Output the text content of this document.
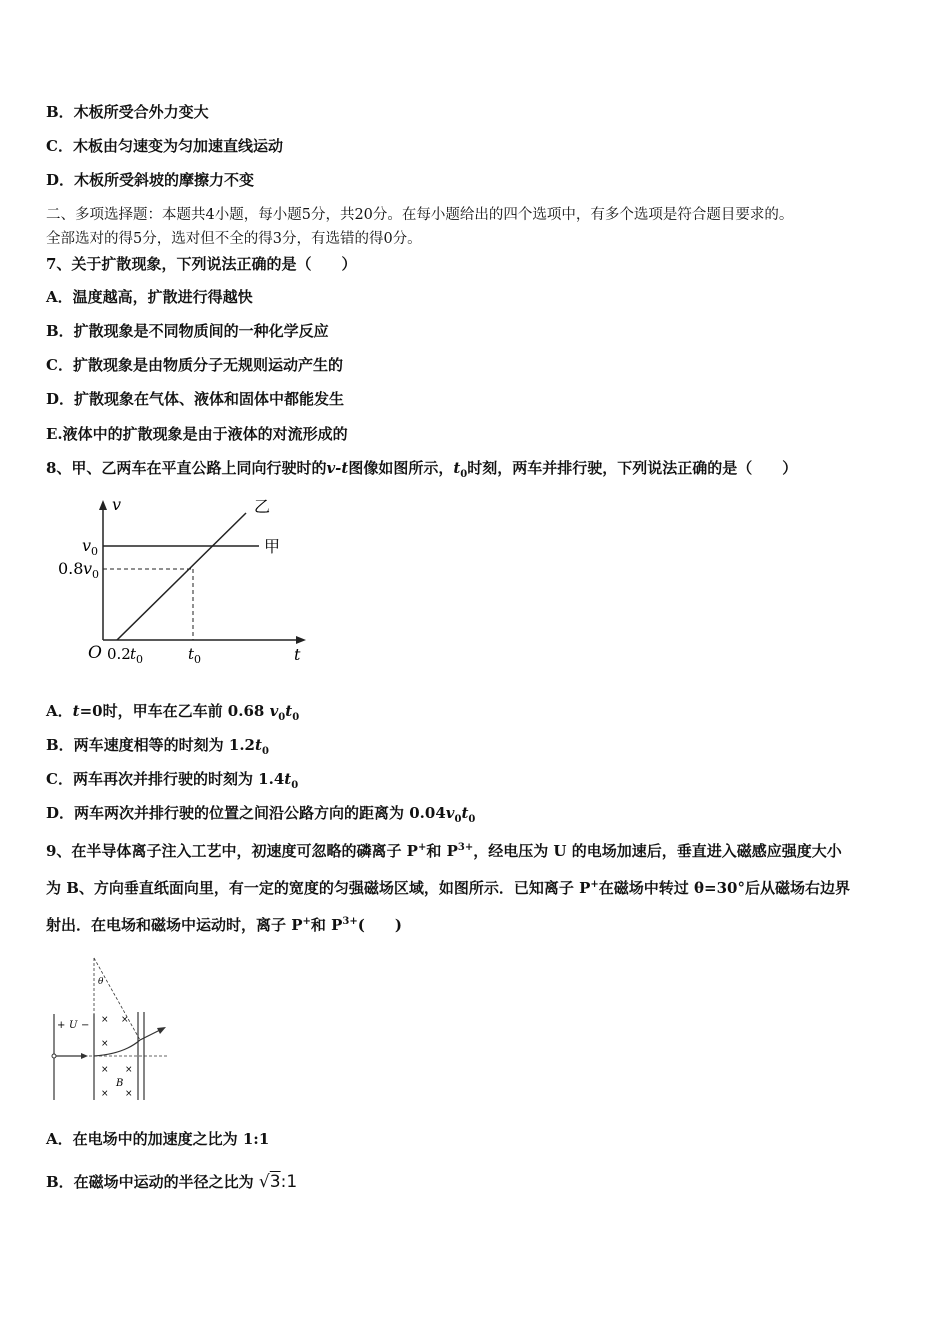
B．木板所受合外力变大
C．木板由匀速变为匀加速直线运动
D．木板所受斜坡的摩擦力不变
二、多项选择题：本题共4小题，每小题5分，共20分。在每小题给出的四个选项中，有多个选项是符合题目要求的。
全部选对的得5分，选对但不全的得3分，有选错的得0分。
7、关于扩散现象，下列说法正确的是（　　）
A．温度越高，扩散进行得越快
B．扩散现象是不同物质间的一种化学反应
C．扩散现象是由物质分子无规则运动产生的
D．扩散现象在气体、液体和固体中都能发生
E.液体中的扩散现象是由于液体的对流形成的
8、甲、乙两车在平直公路上同向行驶时的v-t图像如图所示，$t_0$时刻，两车并排行驶，下列说法正确的是（　　）
v	乙
甲
v 0
0.8 v 0
O 0.2 t 0	t 0	t
A．t=0时，甲车在乙车前 0.68 $v_0t_0$
B．两车速度相等的时刻为 $1.2t_0$
C．两车再次并排行驶的时刻为 $1.4t_0$
D．两车两次并排行驶的位置之间沿公路方向的距离为 $0.04v_0t_0$
9、在半导体离子注入工艺中，初速度可忽略的磷离子 P+和 $P^{3+}$，经电压为 U 的电场加速后，垂直进入磁感应强度大小
为 B、方向垂直纸面向里，有一定的宽度的匀强磁场区域，如图所示．已知离子 P+在磁场中转过 θ=30°后从磁场右边界
射出．在电场和磁场中运动时，离子 P+和 $P^{3+}$(　　)
+ U −
θ
× ×
×
× ×
× ×
B
A．在电场中的加速度之比为 1:1
B．在磁场中运动的半径之比为 √3:1
